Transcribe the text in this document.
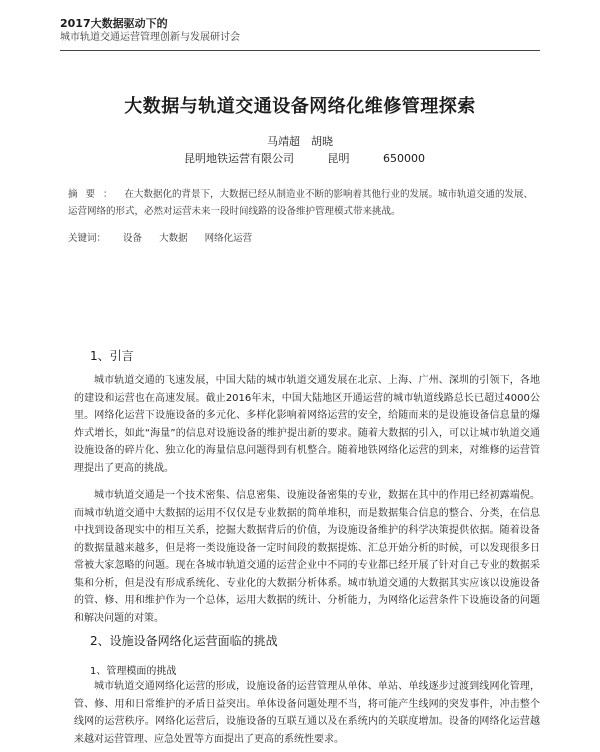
2017大数据驱动下的
城市轨道交通运营管理创新与发展研讨会
大数据与轨道交通设备网络化维修管理探索
马靖超　胡晓
昆明地铁运营有限公司	昆明	650000
摘要： 在大数据化的背景下，大数据已经从制造业不断的影响着其他行业的发展。城市轨道交通的发展、运营网络的形式，必然对运营未来一段时间线路的设备维护管理模式带来挑战。
关键词： 设备 大数据 网络化运营
1、引言
城市轨道交通的飞速发展，中国大陆的城市轨道交通发展在北京、上海、广州、深圳的引领下，各地的建设和运营也在高速发展。截止2016年末，中国大陆地区开通运营的城市轨道线路总长已超过4000公里。网络化运营下设施设备的多元化、多样化影响着网络运营的安全，给随而来的是设施设备信息量的爆炸式增长，如此“海量”的信息对设施设备的维护提出新的要求。随着大数据的引入，可以让城市轨道交通设施设备的碎片化、独立化的海量信息问题得到有机整合。随着地铁网络化运营的到来，对维修的运营管理提出了更高的挑战。
城市轨道交通是一个技术密集、信息密集、设施设备密集的专业，数据在其中的作用已经初露端倪。而城市轨道交通中大数据的运用不仅仅是专业数据的简单堆积，而是数据集合信息的整合、分类，在信息中找到设备现实中的相互关系，挖掘大数据背后的价值，为设施设备维护的科学决策提供依据。随着设备的数据量越来越多，但是将一类设施设备一定时间段的数据提炼、汇总开始分析的时候，可以发现很多日常被大家忽略的问题。现在各城市轨道交通的运营企业中不同的专业都已经开展了针对自己专业的数据采集和分析，但是没有形成系统化、专业化的大数据分析体系。城市轨道交通的大数据其实应该以设施设备的管、修、用和维护作为一个总体，运用大数据的统计、分析能力，为网络化运营条件下设施设备的问题和解决问题的对策。
2、设施设备网络化运营面临的挑战
1、管理模面的挑战
城市轨道交通网络化运营的形成，设施设备的运营管理从单体、单站、单线逐步过渡到线网化管理，管、修、用和日常维护的矛盾日益突出。单体设备问题处理不当，将可能产生线网的突发事件，冲击整个线网的运营秩序。网络化运营后，设施设备的互联互通以及在系统内的关联度增加。设备的网络化运营越来越对运营管理、应急处置等方面提出了更高的系统性要求。
